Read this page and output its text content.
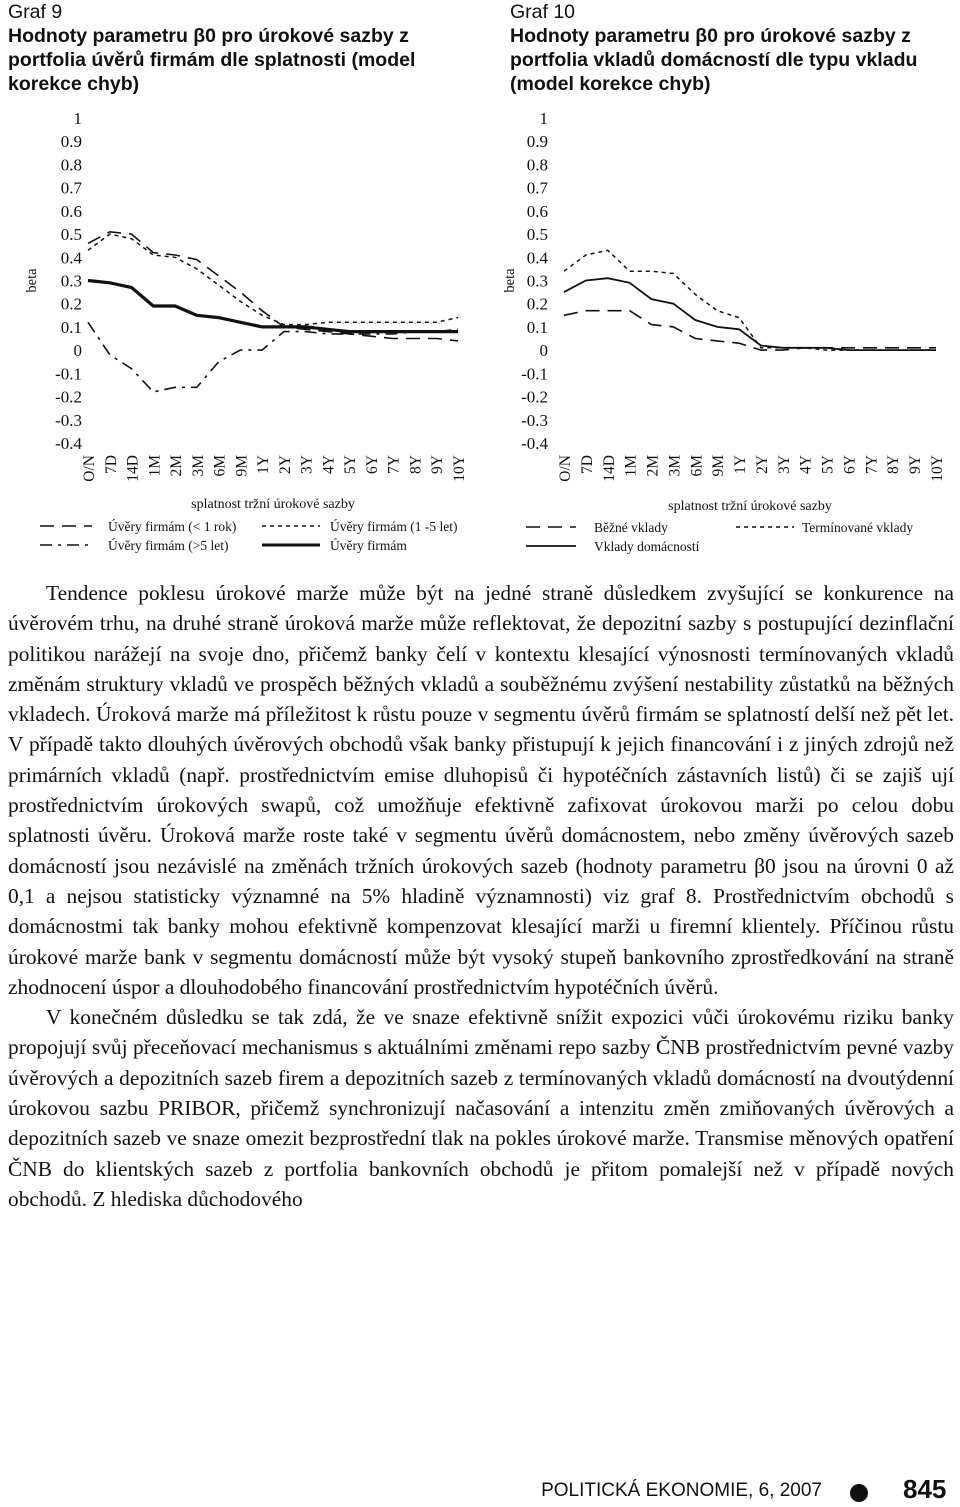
Graf 9
Hodnoty parametru β0 pro úrokové sazby z portfolia úvěrů firmám dle splatnosti (model korekce chyb)
Graf 10
Hodnoty parametru β0 pro úrokové sazby z portfolia vkladů domácností dle typu vkladu (model korekce chyb)
1
0.9
0.8
0.7
0.6
0.5
0.4
0.3
0.2
0.1
0
-0.1
-0.2
-0.3
-0.4
beta
O/N 7D 14D 1M 2M 3M 6M 9M 1Y 2Y 3Y 4Y 5Y 6Y 7Y 8Y 9Y 10Y
splatnost tržní úrokové sazby
Úvěry firmám (< 1 rok)	Úvěry firmám (1 -5 let)
Úvěry firmám (>5 let)	Úvěry firmám
1
0.9
0.8
0.7
0.6
0.5
0.4
0.3
0.2
0.1
0
-0.1
-0.2
-0.3
-0.4
beta
O/N 7D 14D 1M 2M 3M 6M 9M 1Y 2Y 3Y 4Y 5Y 6Y 7Y 8Y 9Y 10Y
splatnost tržní úrokové sazby
Běžné vklady	Termínované vklady
Vklady domácností

Tendence poklesu úrokové marže může být na jedné straně důsledkem zvyšující se konkurence na úvěrovém trhu, na druhé straně úroková marže může reflektovat, že depozitní sazby s postupující dezinflační politikou narážejí na svoje dno, přičemž banky čelí v kontextu klesající výnosnosti termínovaných vkladů změnám struktury vkladů ve prospěch běžných vkladů a souběžnému zvýšení nestability zůstatků na běžných vkladech. Úroková marže má příležitost k růstu pouze v segmentu úvěrů firmám se splatností delší než pět let. V případě takto dlouhých úvěrových obchodů však banky přistupují k jejich financování i z jiných zdrojů než primárních vkladů (např. prostřednictvím emise dluhopisů či hypotéčních zástavních listů) či se zajiš ují prostřednictvím úrokových swapů, což umožňuje efektivně zafixovat úrokovou marži po celou dobu splatnosti úvěru. Úroková marže roste také v segmentu úvěrů domácnostem, nebo změny úvěrových sazeb domácností jsou nezávislé na změnách tržních úrokových sazeb (hodnoty parametru β0 jsou na úrovni 0 až 0,1 a nejsou statisticky významné na 5% hladině významnosti) viz graf 8. Prostřednictvím obchodů s domácnostmi tak banky mohou efektivně kompenzovat klesající marži u firemní klientely. Příčinou růstu úrokové marže bank v segmentu domácností může být vysoký stupeň bankovního zprostředkování na straně zhodnocení úspor a dlouhodobého financování prostřednictvím hypotéčních úvěrů.

V konečném důsledku se tak zdá, že ve snaze efektivně snížit expozici vůči úrokovému riziku banky propojují svůj přeceňovací mechanismus s aktuálními změnami repo sazby ČNB prostřednictvím pevné vazby úvěrových a depozitních sazeb firem a depozitních sazeb z termínovaných vkladů domácností na dvoutýdenní úrokovou sazbu PRIBOR, přičemž synchronizují načasování a intenzitu změn zmiňovaných úvěrových a depozitních sazeb ve snaze omezit bezprostřední tlak na pokles úrokové marže. Transmise měnových opatření ČNB do klientských sazeb z portfolia bankovních obchodů je přitom pomalejší než v případě nových obchodů. Z hlediska důchodového

POLITICKÁ EKONOMIE, 6, 2007	845
